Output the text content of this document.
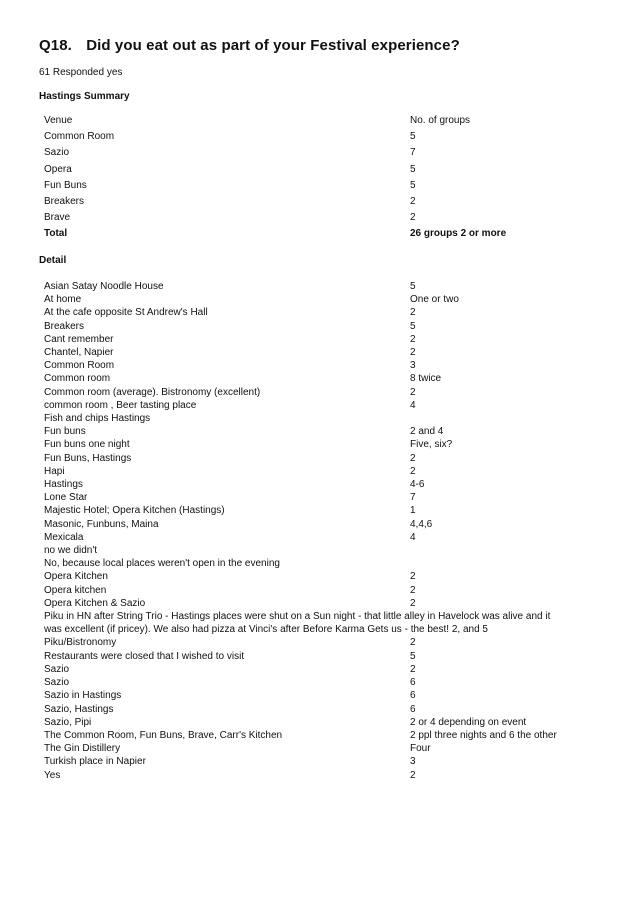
Q18. Did you eat out as part of your Festival experience?
61 Responded yes
Hastings Summary
Venue	No. of groups
Common Room	5
Sazio	7
Opera	5
Fun Buns	5
Breakers	2
Brave	2
Total	26 groups 2 or more
Detail
Asian Satay Noodle House	5
At home	One or two
At the cafe opposite St Andrew's Hall	2
Breakers	5
Cant remember	2
Chantel, Napier	2
Common Room	3
Common room	8 twice
Common room (average). Bistronomy (excellent)	2
common room , Beer tasting place	4
Fish and chips Hastings
Fun buns	2 and 4
Fun buns one night	Five, six?
Fun Buns, Hastings	2
Hapi	2
Hastings	4-6
Lone Star	7
Majestic Hotel; Opera Kitchen (Hastings)	1
Masonic, Funbuns, Maina	4,4,6
Mexicala	4
no we didn't
No, because local places weren't open in the evening
Opera Kitchen	2
Opera kitchen	2
Opera Kitchen & Sazio	2
Piku in HN after String Trio - Hastings places were shut on a Sun night - that little alley in Havelock was alive and it was excellent (if pricey). We also had pizza at Vinci's after Before Karma Gets us - the best! 2, and 5
Piku/Bistronomy	2
Restaurants were closed that I wished to visit	5
Sazio	2
Sazio	6
Sazio in Hastings	6
Sazio, Hastings	6
Sazio, Pipi	2 or 4 depending on event
The Common Room, Fun Buns, Brave, Carr's Kitchen	2 ppl three nights and 6 the other
The Gin Distillery	Four
Turkish place in Napier	3
Yes	2
